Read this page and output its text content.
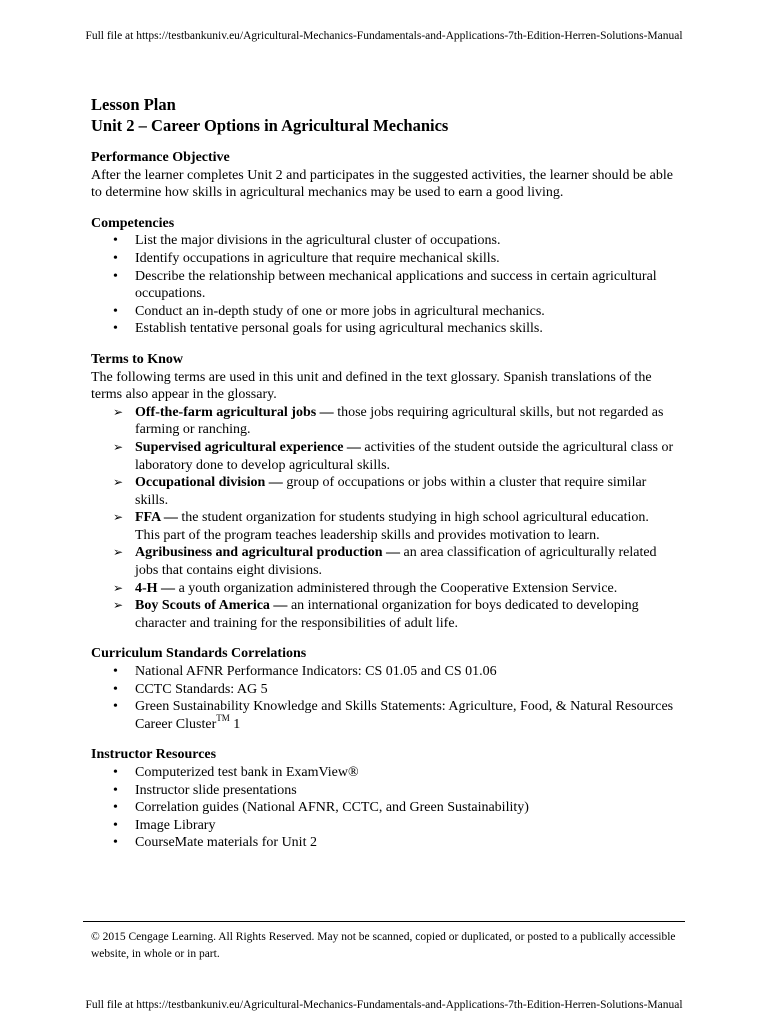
Full file at https://testbankuniv.eu/Agricultural-Mechanics-Fundamentals-and-Applications-7th-Edition-Herren-Solutions-Manual
Lesson Plan
Unit 2 – Career Options in Agricultural Mechanics
Performance Objective

After the learner completes Unit 2 and participates in the suggested activities, the learner should be able to determine how skills in agricultural mechanics may be used to earn a good living.

Competencies
• List the major divisions in the agricultural cluster of occupations.
• Identify occupations in agriculture that require mechanical skills.
• Describe the relationship between mechanical applications and success in certain agricultural occupations.
• Conduct an in-depth study of one or more jobs in agricultural mechanics.
• Establish tentative personal goals for using agricultural mechanics skills.
Terms to Know

The following terms are used in this unit and defined in the text glossary. Spanish translations of the terms also appear in the glossary.

➢ Off-the-farm agricultural jobs — those jobs requiring agricultural skills, but not regarded as farming or ranching.
➢ Supervised agricultural experience — activities of the student outside the agricultural class or laboratory done to develop agricultural skills.
➢ Occupational division — group of occupations or jobs within a cluster that require similar skills.
➢ FFA — the student organization for students studying in high school agricultural education. This part of the program teaches leadership skills and provides motivation to learn.
➢ Agribusiness and agricultural production — an area classification of agriculturally related jobs that contains eight divisions.
➢ 4-H — a youth organization administered through the Cooperative Extension Service.
➢ Boy Scouts of America — an international organization for boys dedicated to developing character and training for the responsibilities of adult life.
Curriculum Standards Correlations
• National AFNR Performance Indicators: CS 01.05 and CS 01.06
• CCTC Standards: AG 5
• Green Sustainability Knowledge and Skills Statements: Agriculture, Food, & Natural Resources Career Cluster™ 1
Instructor Resources
• Computerized test bank in ExamView®
• Instructor slide presentations
• Correlation guides (National AFNR, CCTC, and Green Sustainability)
• Image Library
• CourseMate materials for Unit 2
© 2015 Cengage Learning. All Rights Reserved. May not be scanned, copied or duplicated, or posted to a publically accessible website, in whole or in part.
Full file at https://testbankuniv.eu/Agricultural-Mechanics-Fundamentals-and-Applications-7th-Edition-Herren-Solutions-Manual
